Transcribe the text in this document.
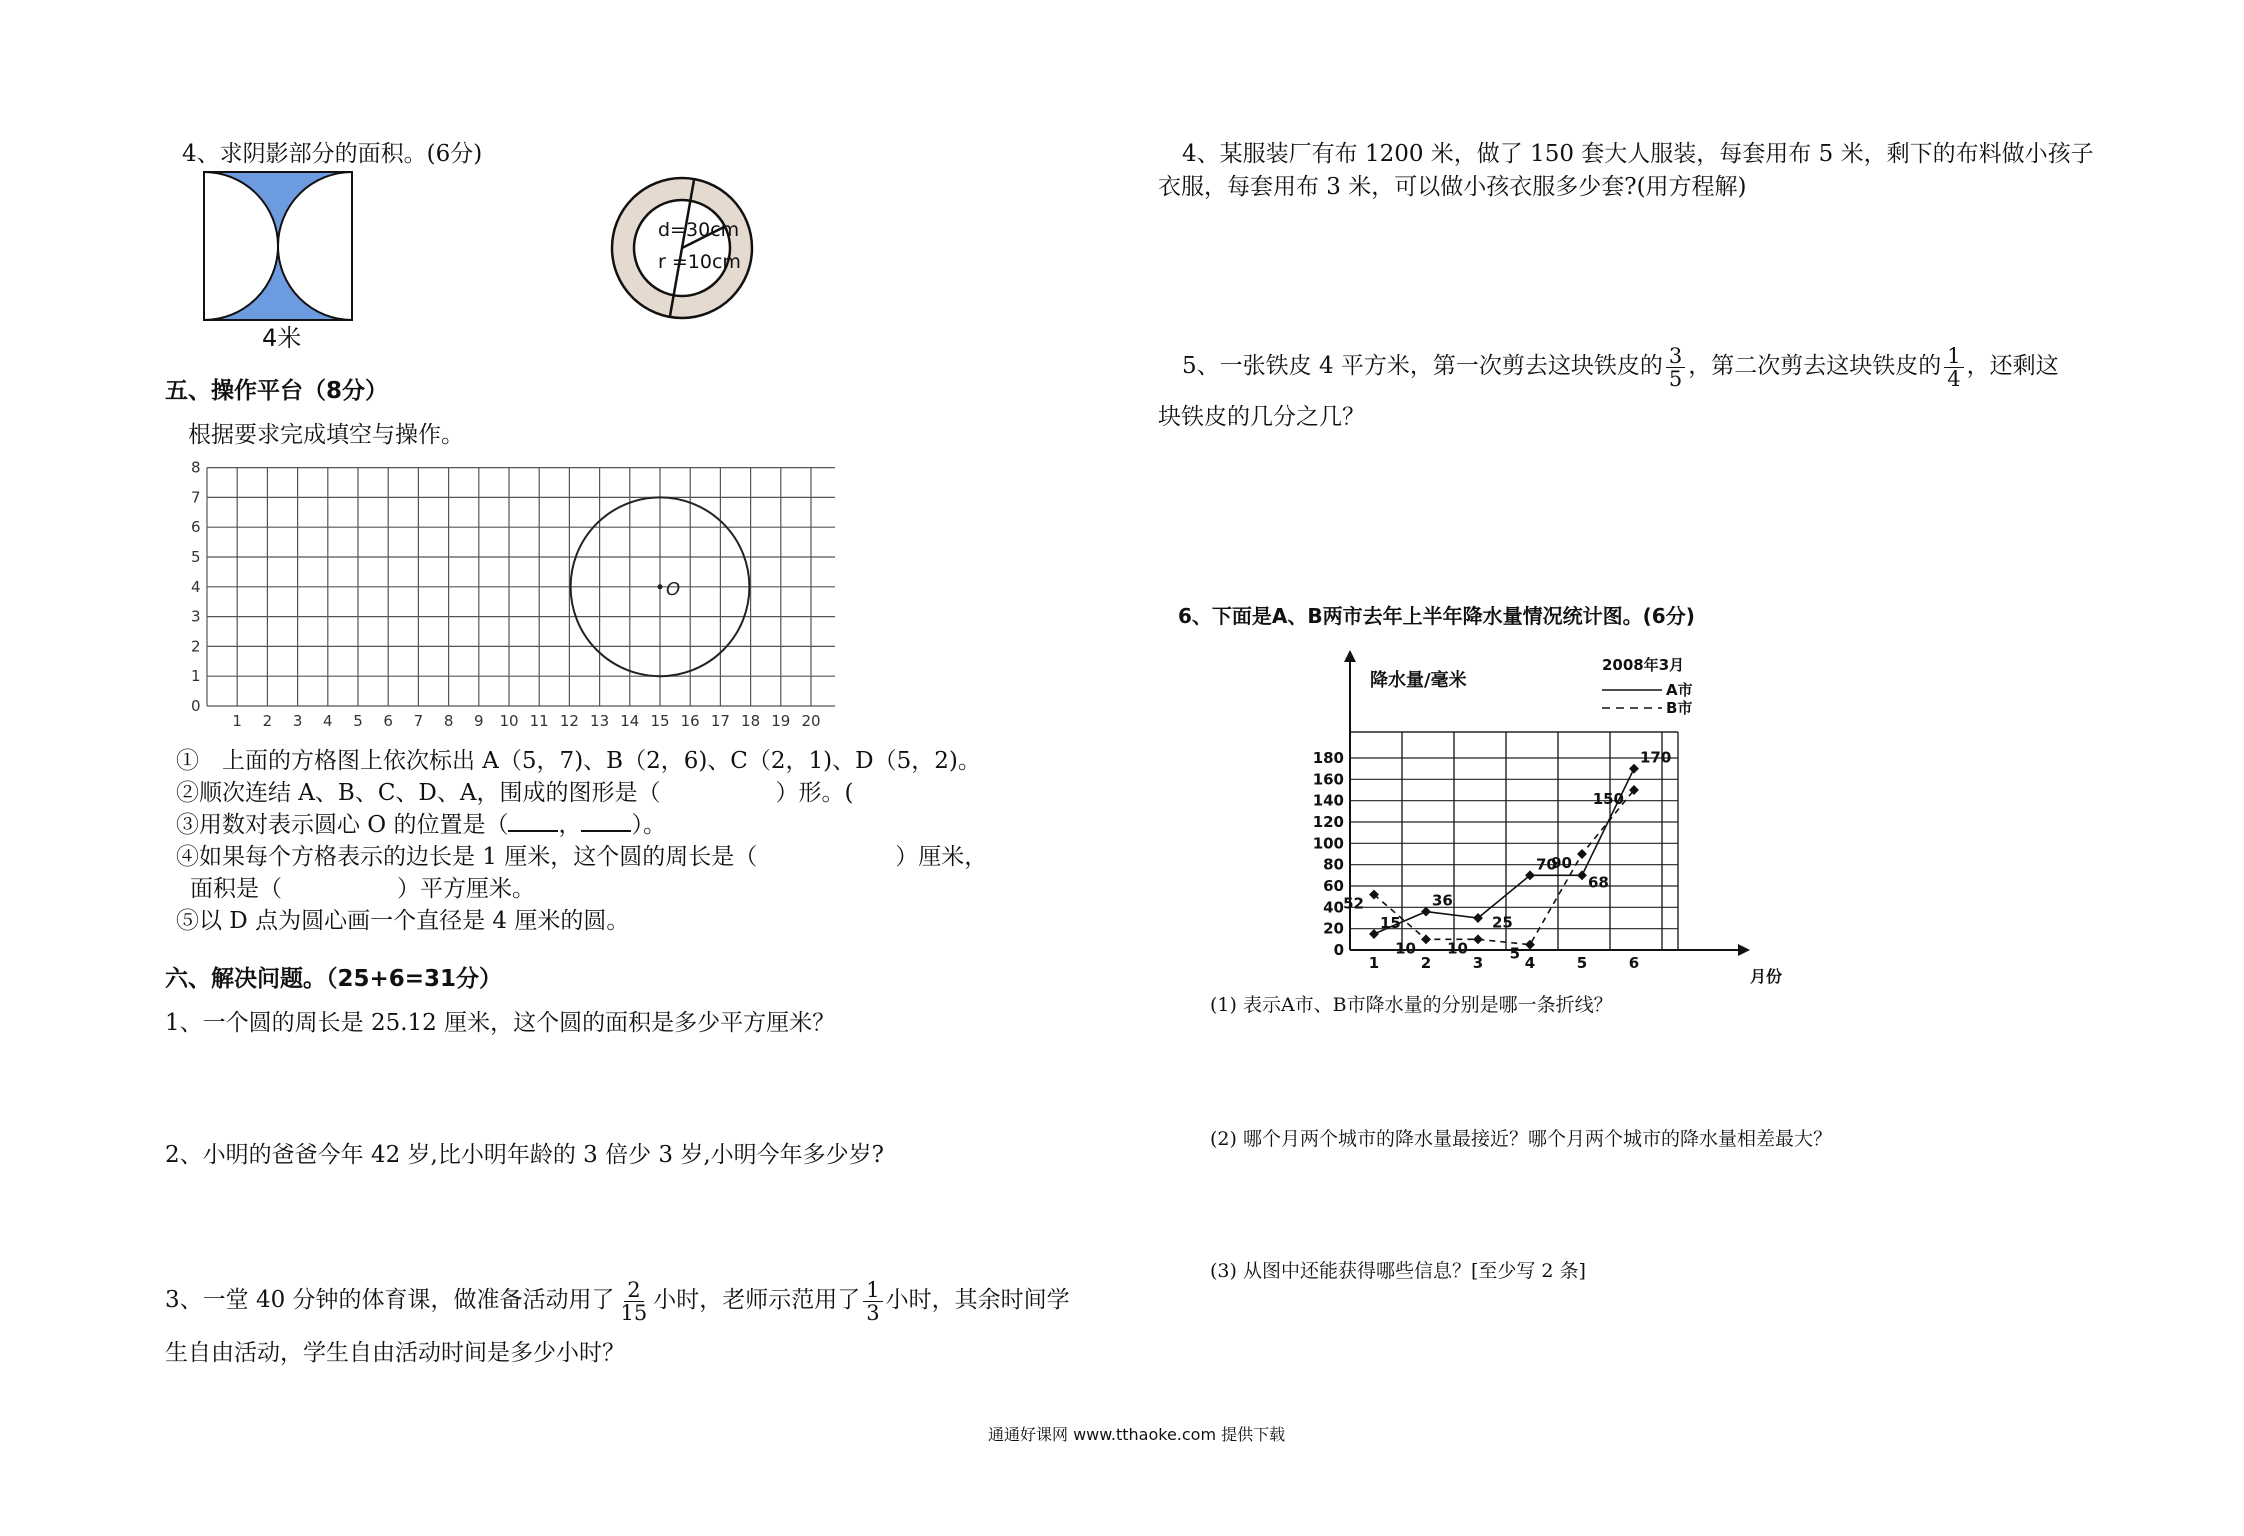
4、求阴影部分的面积。(6分)
4米
d=30cm
r =10cm
五、操作平台（8分）
根据要求完成填空与操作。
0
1
2
3
4
5
6
7
8
1 2 3 4 5 6 7 8 9 10 11 12 13 14 15 16 17 18 19 20
O
①　上面的方格图上依次标出 A（5，7)、B（2，6)、C（2，1)、D（5，2)。
②顺次连结 A、B、C、D、A，围成的图形是（　　　　　）形。(
③用数对表示圆心 O 的位置是（ ， ）。
④如果每个方格表示的边长是 1 厘米，这个圆的周长是（　　　　　　）厘米，
面积是（　　　　　）平方厘米。
⑤以 D 点为圆心画一个直径是 4 厘米的圆。
六、解决问题。（25+6=31分）
1、一个圆的周长是 25.12 厘米，这个圆的面积是多少平方厘米？
2、小明的爸爸今年 42 岁,比小明年龄的 3 倍少 3 岁,小明今年多少岁?
3、一堂 40 分钟的体育课，做准备活动用了 $\frac{2}{15}$ 小时，老师示范用了 $\frac{1}{3}$ 小时，其余时间学
生自由活动，学生自由活动时间是多少小时？
4、某服装厂有布 1200 米，做了 150 套大人服装，每套用布 5 米，剩下的布料做小孩子
衣服，每套用布 3 米，可以做小孩衣服多少套?(用方程解)
5、一张铁皮 4 平方米，第一次剪去这块铁皮的 $\frac{3}{5}$ ，第二次剪去这块铁皮的 $\frac{1}{4}$ ，还剩这
块铁皮的几分之几？
6、下面是A、B两市去年上半年降水量情况统计图。(6分)
0
20
40
60
80
100
120
140
160
180
1	2	3	4	5	6
15
36
70
170
52
10 10	5
90
150
25
68
A市
B市
降水量/毫米
2008年3月
月份
(1) 表示A市、B市降水量的分别是哪一条折线？
(2) 哪个月两个城市的降水量最接近？哪个月两个城市的降水量相差最大？
(3) 从图中还能获得哪些信息？[至少写 2 条]
通通好课网 www.tthaoke.com 提供下载
